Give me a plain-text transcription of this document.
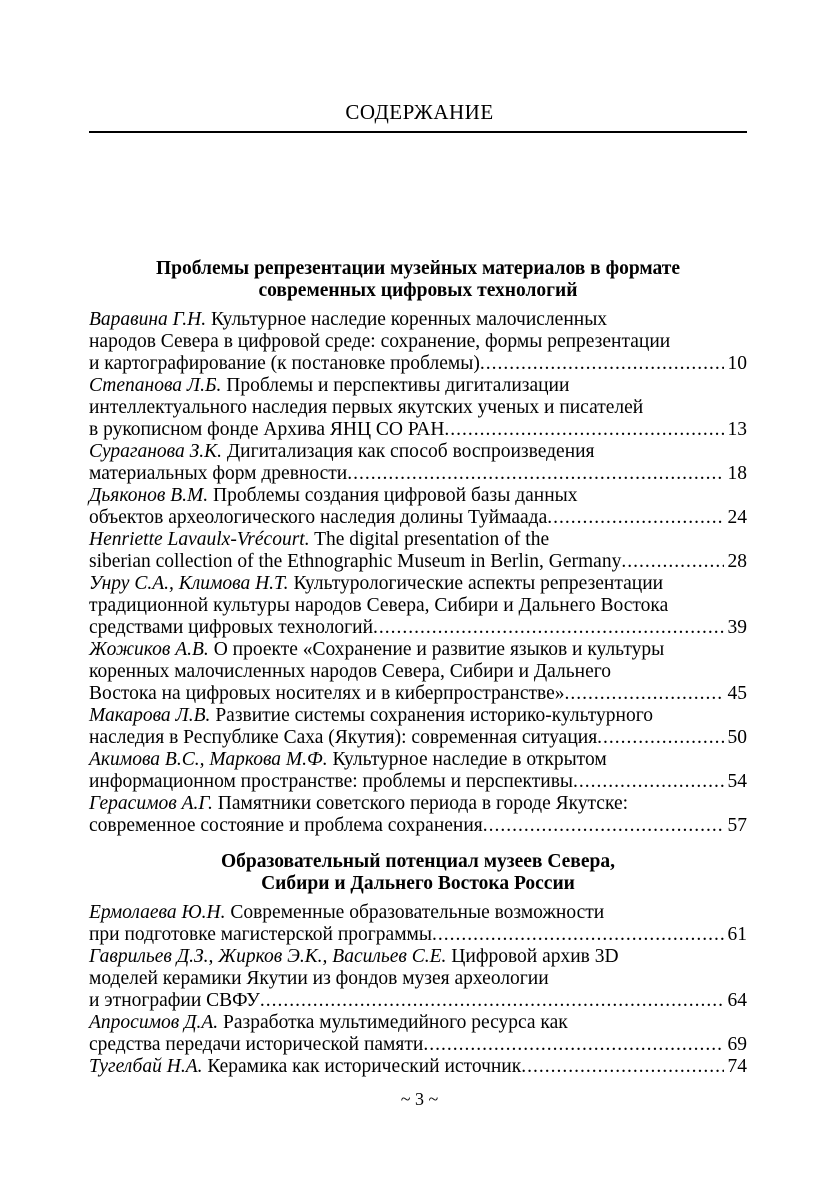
СОДЕРЖАНИЕ
Проблемы репрезентации музейных материалов в формате
современных цифровых технологий
Варавина Г.Н. Культурное наследие коренных малочисленных
народов Севера в цифровой среде: сохранение, формы репрезентации
и картографирование (к постановке проблемы) .....	10
Степанова Л.Б. Проблемы и перспективы дигитализации
интеллектуального наследия первых якутских ученых и писателей
в рукописном фонде Архива ЯНЦ СО РАН .....	13
Сураганова З.К. Дигитализация как способ воспроизведения
материальных форм древности .....	18
Дьяконов В.М. Проблемы создания цифровой базы данных
объектов археологического наследия долины Туймаада .....	24
Henriette Lavaulx-Vrécourt. The digital presentation of the
siberian collection of the Ethnographic Museum in Berlin, Germany .....	28
Унру С.А., Климова Н.Т. Культурологические аспекты репрезентации
традиционной культуры народов Севера, Сибири и Дальнего Востока
средствами цифровых технологий .....	39
Жожиков А.В. О проекте «Сохранение и развитие языков и культуры
коренных малочисленных народов Севера, Сибири и Дальнего
Востока на цифровых носителях и в киберпространстве» .....	45
Макарова Л.В. Развитие системы сохранения историко-культурного
наследия в Республике Саха (Якутия): современная ситуация .....	50
Акимова В.С., Маркова М.Ф. Культурное наследие в открытом
информационном пространстве: проблемы и перспективы .....	54
Герасимов А.Г. Памятники советского периода в городе Якутске:
современное состояние и проблема сохранения .....	57
Образовательный потенциал музеев Севера,
Сибири и Дальнего Востока России
Ермолаева Ю.Н. Современные образовательные возможности
при подготовке магистерской программы .....	61
Гаврильев Д.З., Жирков Э.К., Васильев С.Е. Цифровой архив 3D
моделей керамики Якутии из фондов музея археологии
и этнографии СВФУ .....	64
Апросимов Д.А. Разработка мультимедийного ресурса как
средства передачи исторической памяти .....	69
Тугелбай Н.А. Керамика как исторический источник .....	74
~ 3 ~
